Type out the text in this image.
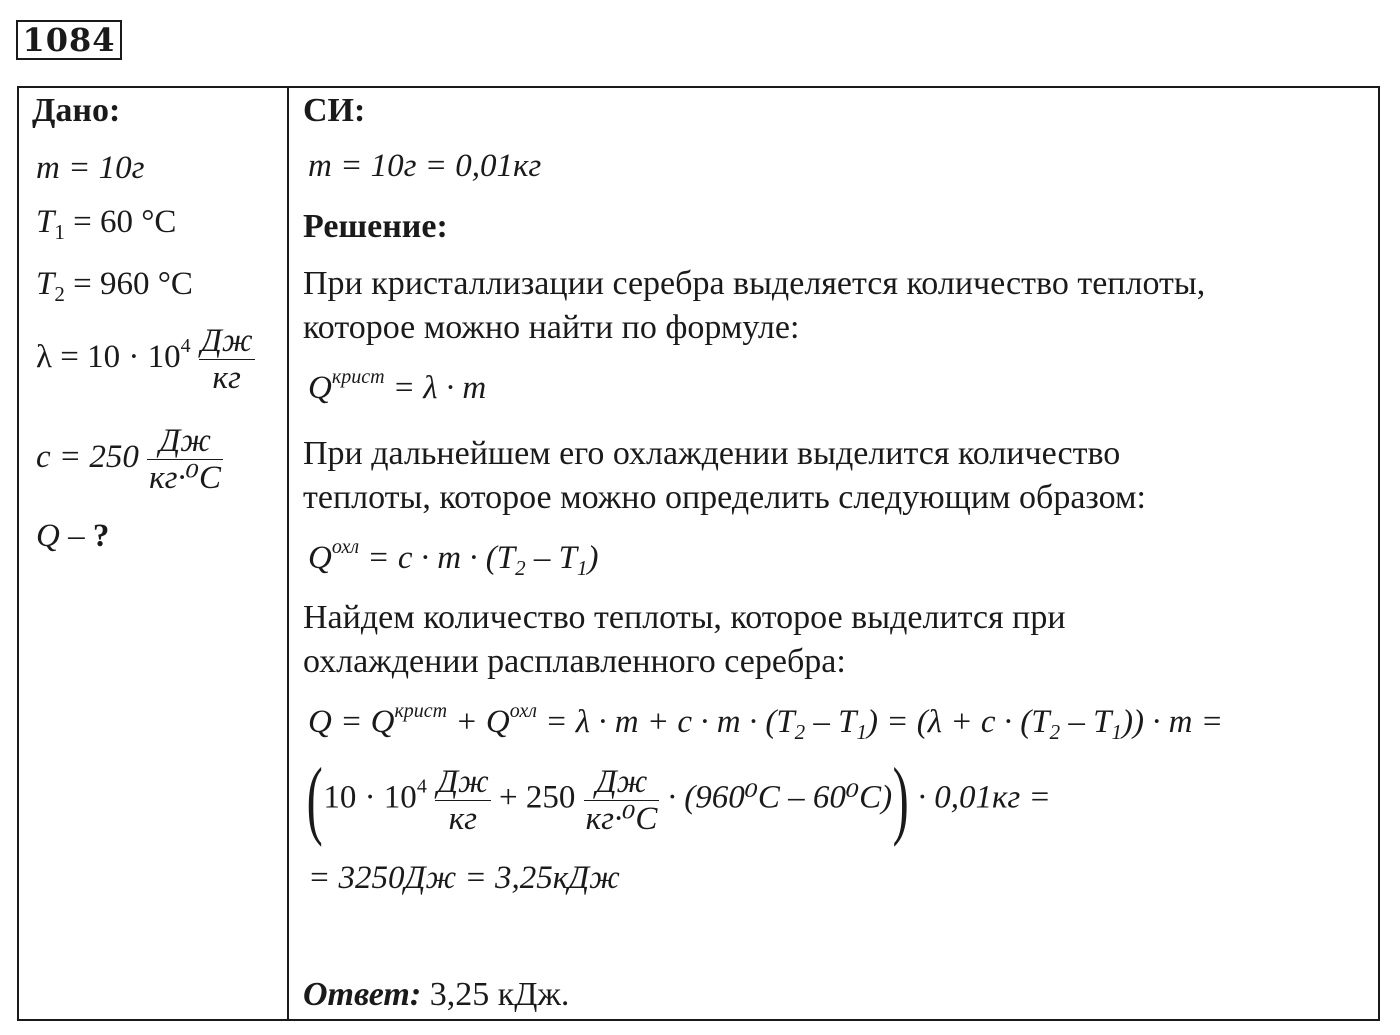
1084
Дано:
m = 10г
$T_1 = 60$ °C
$T_2 = 960$ °C
$\lambda = 10 \cdot 10^4 \frac{Дж}{кг}$
$c = 250 \frac{Дж}{\text{кг·⁰C}}$
Q – ?
СИ:
m = 10г = 0,01кг
Решение:
При кристаллизации серебра выделяется количество теплоты,
которое можно найти по формуле:
$Q^{крист} = \lambda \cdot m$
При дальнейшем его охлаждении выделится количество
теплоты, которое можно определить следующим образом:
$Q^{охл} = c \cdot m \cdot (T_2 - T_1)$
Найдем количество теплоты, которое выделится при
охлаждении расплавленного серебра:
$Q = Q^{крист} + Q^{охл} = \lambda \cdot m + c \cdot m \cdot (T_2 - T_1) = (\lambda + c \cdot (T_2 - T_1)) \cdot m$ =
$(10 \cdot 10^4 \frac{Дж}{кг} + 250 \frac{Дж}{\text{кг·⁰C}} \cdot (960^0C - 60^0C)) \cdot 0,01кг$ =
= 3250Дж = 3,25кДж
Ответ: 3,25 кДж.
